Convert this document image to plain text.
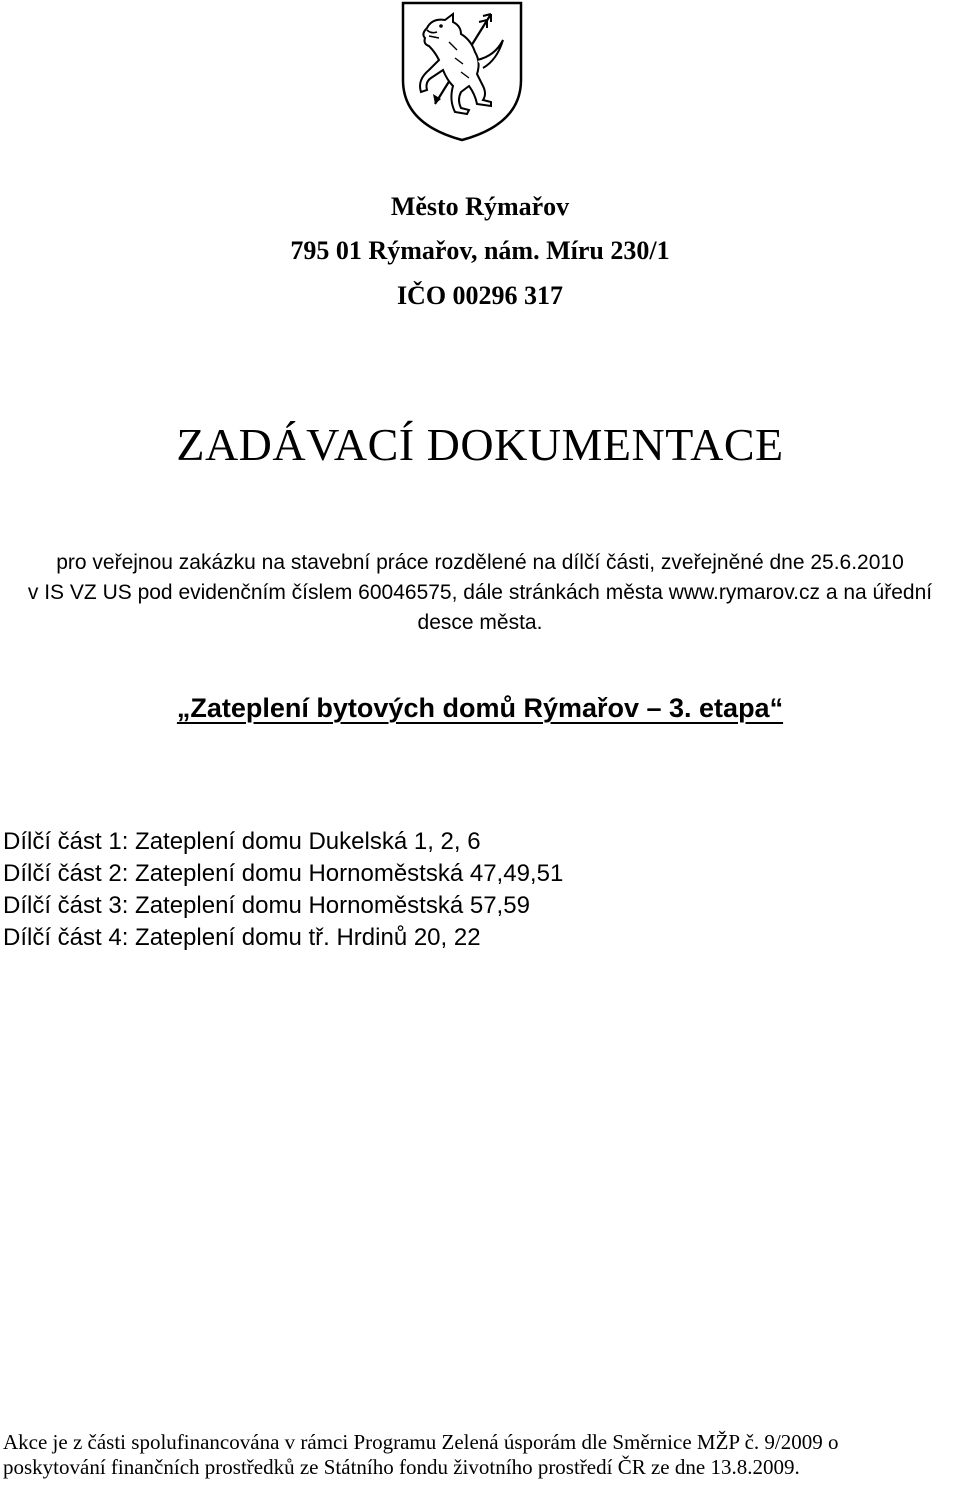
Město Rýmařov
795 01 Rýmařov, nám. Míru 230/1
IČO 00296 317
ZADÁVACÍ DOKUMENTACE
pro veřejnou zakázku na stavební práce rozdělené na dílčí části, zveřejněné dne 25.6.2010
v IS VZ US pod evidenčním číslem 60046575, dále stránkách města www.rymarov.cz a na úřední
desce města.
„Zateplení bytových domů Rýmařov – 3. etapa“
Dílčí část 1: Zateplení domu Dukelská 1, 2, 6
Dílčí část 2: Zateplení domu Hornoměstská 47,49,51
Dílčí část 3: Zateplení domu Hornoměstská 57,59
Dílčí část 4: Zateplení domu tř. Hrdinů 20, 22
Akce je z části spolufinancována v rámci Programu Zelená úsporám dle Směrnice MŽP č. 9/2009 o
poskytování finančních prostředků ze Státního fondu životního prostředí ČR ze dne 13.8.2009.
